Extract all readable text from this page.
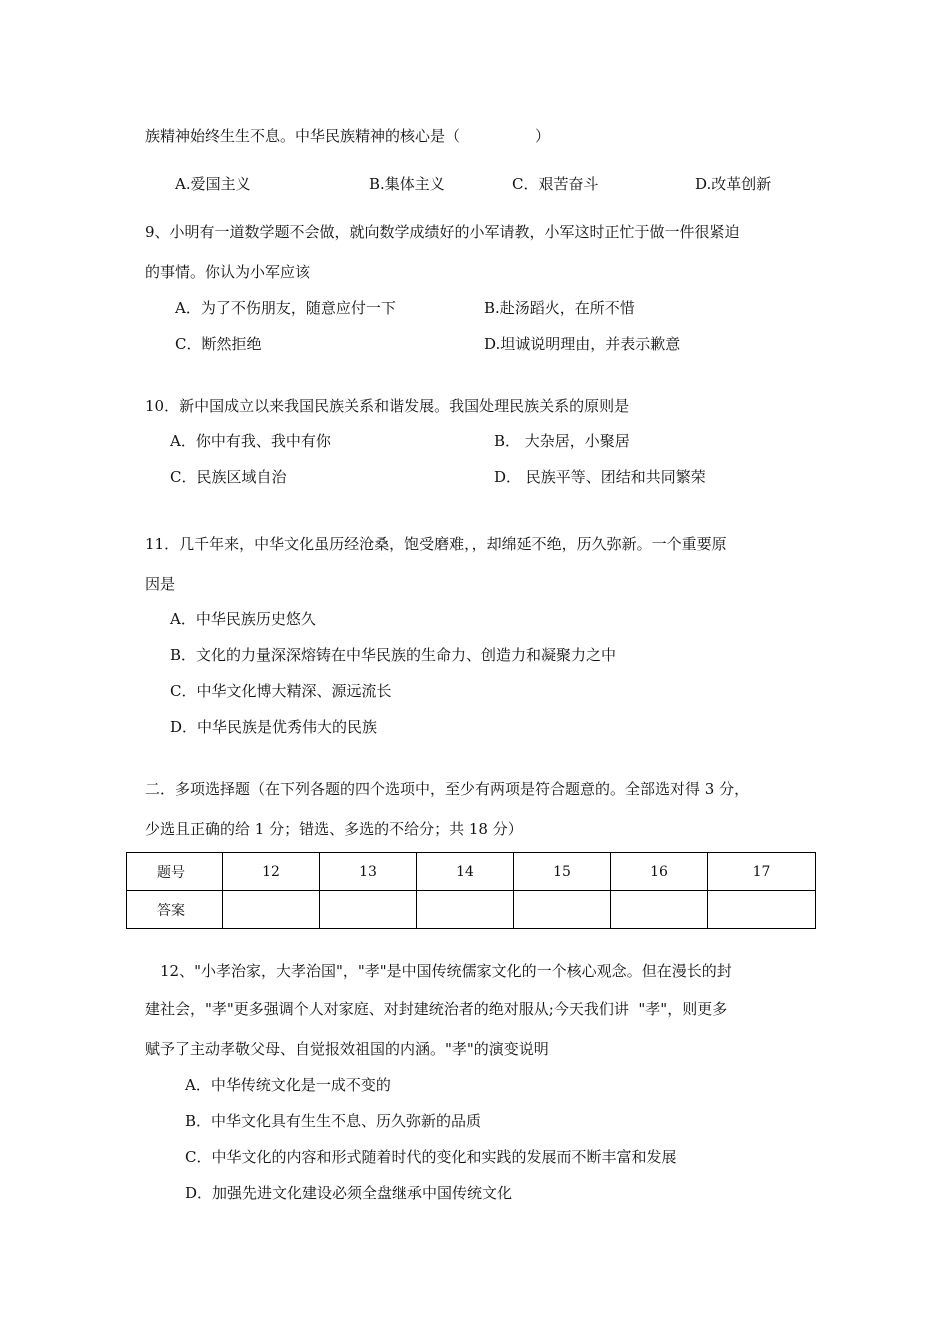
族精神始终生生不息。中华民族精神的核心是（　　　　　）
A.爱国主义	B.集体主义	C．艰苦奋斗	D.改革创新
9、小明有一道数学题不会做，就向数学成绩好的小军请教，小军这时正忙于做一件很紧迫
的事情。你认为小军应该
A．为了不伤朋友，随意应付一下	B.赴汤蹈火，在所不惜
C．断然拒绝	D.坦诚说明理由，并表示歉意
10．新中国成立以来我国民族关系和谐发展。我国处理民族关系的原则是
A．你中有我、我中有你	B． 大杂居，小聚居
C．民族区域自治	D． 民族平等、团结和共同繁荣
11．几千年来，中华文化虽历经沧桑，饱受磨难，，却绵延不绝，历久弥新。一个重要原
因是
A．中华民族历史悠久
B．文化的力量深深熔铸在中华民族的生命力、创造力和凝聚力之中
C．中华文化博大精深、源远流长
D．中华民族是优秀伟大的民族
二．多项选择题（在下列各题的四个选项中，至少有两项是符合题意的。全部选对得 3 分，
少选且正确的给 1 分；错选、多选的不给分；共 18 分）
题号	12	13	14	15	16	17
答案						
12、"小孝治家，大孝治国"，"孝"是中国传统儒家文化的一个核心观念。但在漫长的封
建社会，"孝"更多强调个人对家庭、对封建统治者的绝对服从;今天我们讲  "孝"，则更多
赋予了主动孝敬父母、自觉报效祖国的内涵。"孝"的演变说明
A．中华传统文化是一成不变的
B．中华文化具有生生不息、历久弥新的品质
C．中华文化的内容和形式随着时代的变化和实践的发展而不断丰富和发展
D．加强先进文化建设必须全盘继承中国传统文化
